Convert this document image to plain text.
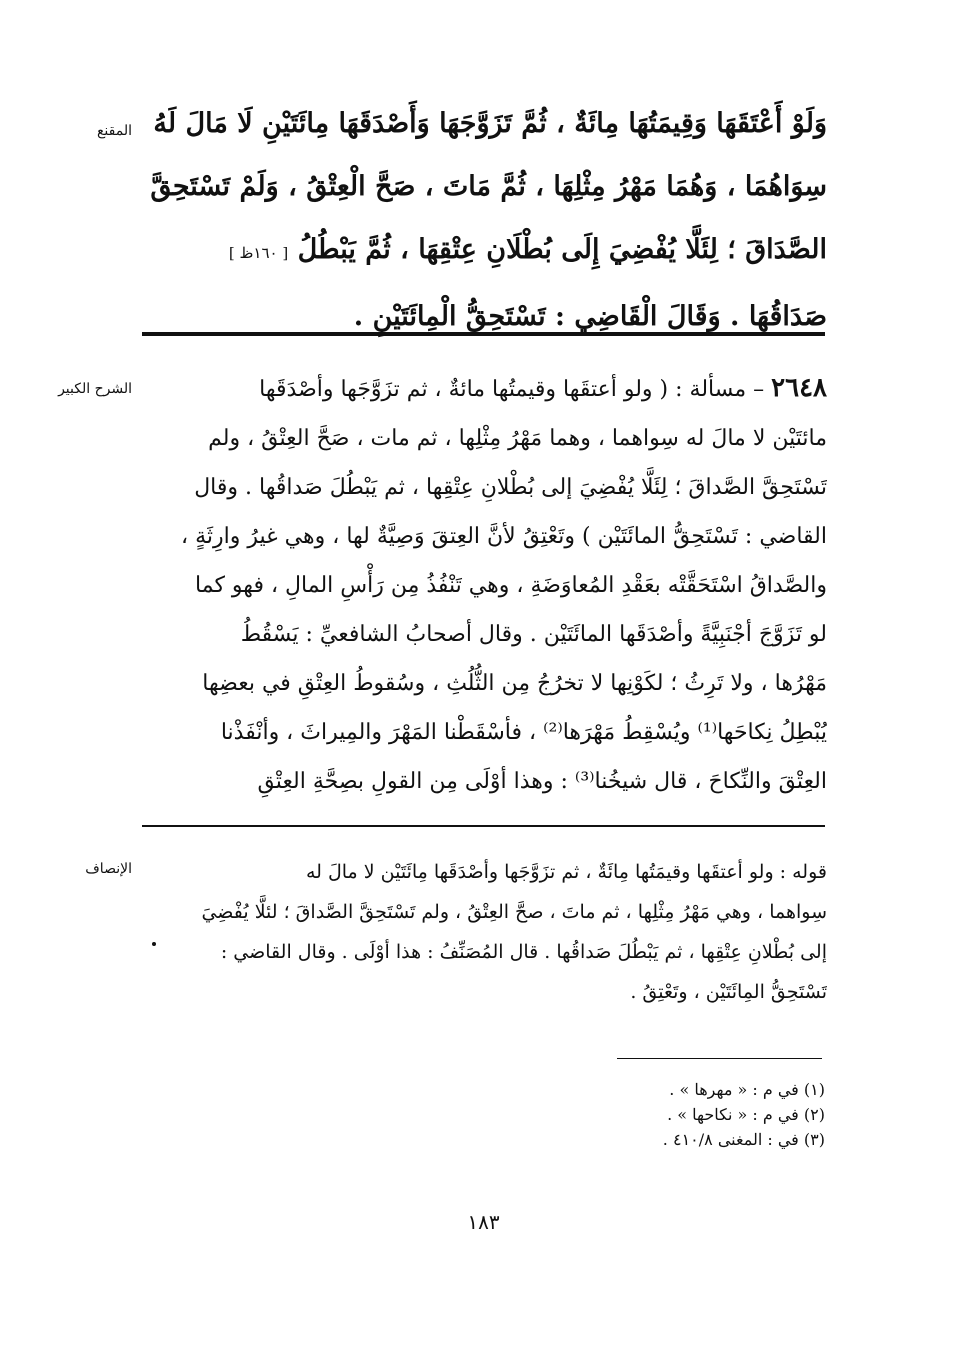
المقنع وَلَوْ أَعْتَقَهَا وَقِيمَتُهَا مِائَةٌ ، ثُمَّ تَزَوَّجَهَا وَأَصْدَقَهَا مِائَتَيْنِ لَا مَالَ لَهُ
سِوَاهُمَا ، وَهُمَا مَهْرُ مِثْلِهَا ، ثُمَّ مَاتَ ، صَحَّ الْعِتْقُ ، وَلَمْ تَسْتَحِقَّ
الصَّدَاقَ ؛ لِئَلَّا يُفْضِيَ إِلَى بُطْلَانِ عِتْقِهَا ، ثُمَّ يَبْطُلُ [ ١٦٠ظ ]
صَدَاقُهَا . وَقَالَ الْقَاضِي : تَسْتَحِقُّ الْمِائَتَيْنِ .
الشرح الكبير	٢٦٤٨ – مسألة : ( ولو أعتقَها وقيمتُها مائةٌ ، ثم تزَوَّجَها وأصْدَقَها
مائتَيْن لا مالَ له سِواهما ، وهما مَهْرُ مِثْلِها ، ثم مات ، صَحَّ العِتْقُ ، ولم
تَسْتَحِقَّ الصَّداقَ ؛ لِئَلَّا يُفْضِيَ إلى بُطْلانِ عِتْقِها ، ثم يَبْطُلَ صَداقُها . وقال
القاضي : تَسْتَحِقُّ المائَتَيْن ) وتَعْتِقُ لأنَّ العِتقَ وَصِيَّةٌ لها ، وهي غيرُ وارِثَةٍ ،
والصَّداقُ اسْتَحَقَّتْه بعَقْدِ المُعاوَضَةِ ، وهي تَنْفُذُ مِن رَأْسِ المالِ ، فهو كما
لو تَزَوَّجَ أجْنَبِيَّةً وأصْدَقَها المائَتَيْن . وقال أصحابُ الشافعيِّ : يَسْقُطُ
مَهْرُها ، ولا تَرِثُ ؛ لكَوْنِها لا تخرُجُ مِن الثُّلُثِ ، وسُقوطُ العِتْقِ في بعضِها
يُبْطِلُ نِكاحَها⁽¹⁾ ويُسْقِطُ مَهْرَها⁽²⁾ ، فأسْقَطْنا المَهْرَ والمِيراثَ ، وأنْفَذْنا
العِتْقَ والنِّكاحَ ، قال شيخُنا⁽³⁾ : وهذا أوْلَى مِن القولِ بصِحَّةِ العِتْقِ
الإنصاف	قوله : ولو أعتقَها وقيمَتُها مِائَةٌ ، ثم تزَوَّجَها وأصْدَقَها مِائَتَيْن لا مالَ له
سِواهما ، وهي مَهْرُ مِثْلِها ، ثم ماتَ ، صحَّ العِتْقُ ، ولم تَسْتَحِقَّ الصَّداقَ ؛ لئلَّا يُفْضِيَ
إلى بُطْلانِ عِتْقِها ، ثم يَبْطُلَ صَداقُها . قال المُصَنِّفُ : هذا أوْلَى . وقال القاضي :
تَسْتَحِقُّ المِائَتَيْن ، وتَعْتِقُ .
(١) في م : « مهرها » .
(٢) في م : « نكاحها » .
(٣) في : المغنى ٤١٠/٨ .
١٨٣
